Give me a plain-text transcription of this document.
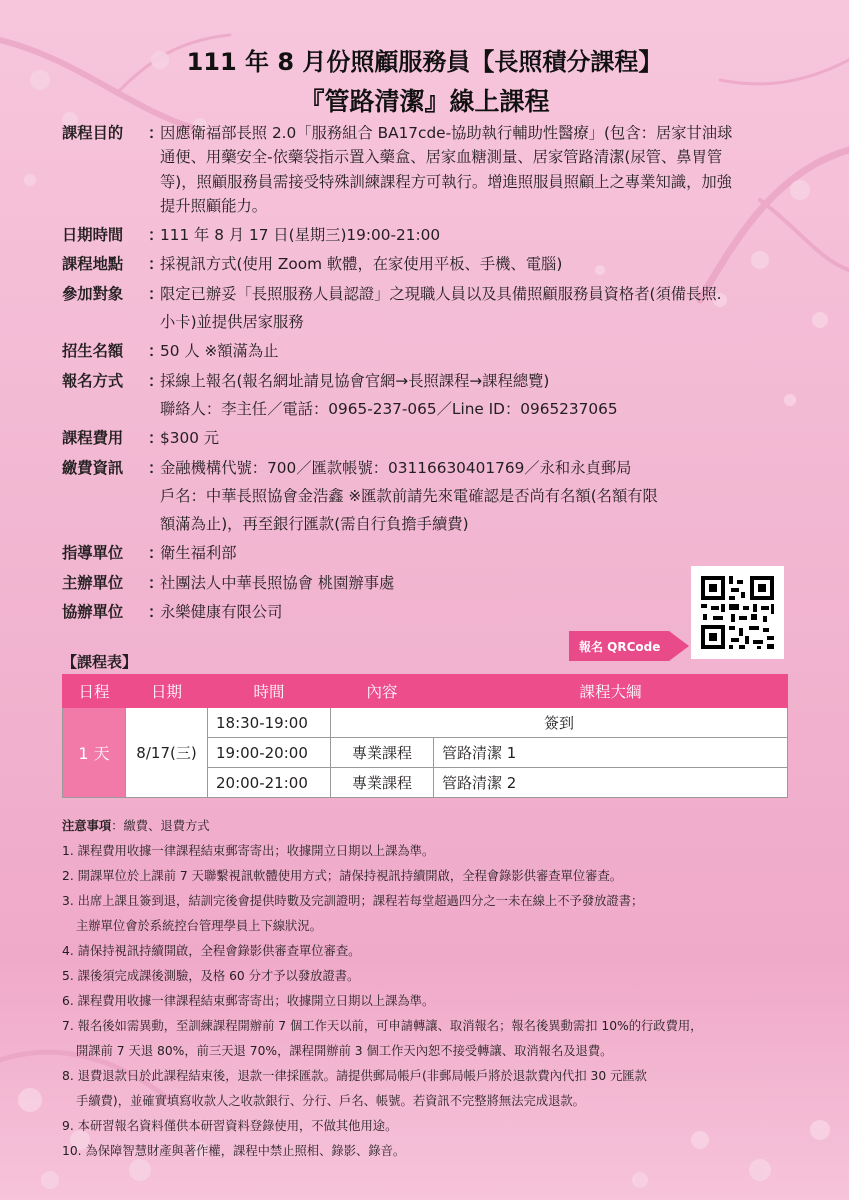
111 年 8 月份照顧服務員【長照積分課程】
『管路清潔』線上課程
課程目的	：

因應衛福部長照 2.0「服務組合 BA17cde-協助執行輔助性醫療」(包含：居家甘油球

通便、用藥安全-依藥袋指示置入藥盒、居家血糖測量、居家管路清潔(尿管、鼻胃管

等)，照顧服務員需接受特殊訓練課程方可執行。增進照服員照顧上之專業知識，加強

提升照顧能力。

日期時間	：
111 年 8 月 17 日(星期三)19:00-21:00
課程地點	：
採視訊方式(使用 Zoom 軟體，在家使用平板、手機、電腦)
參加對象	：

限定已辦妥「長照服務人員認證」之現職人員以及具備照顧服務員資格者(須備長照.

小卡)並提供居家服務

招生名額	：
50 人 ※額滿為止
報名方式	：

採線上報名(報名網址請見協會官網→長照課程→課程總覽)

聯絡人：李主任／電話：0965-237-065／Line ID：0965237065

課程費用	：
$300 元
繳費資訊	：

金融機構代號：700／匯款帳號：03116630401769／永和永貞郵局

戶名：中華長照協會金浩鑫 ※匯款前請先來電確認是否尚有名額(名額有限

額滿為止)，再至銀行匯款(需自行負擔手續費)

指導單位	：
衛生福利部
主辦單位	：
社團法人中華長照協會 桃園辦事處
協辦單位	：
永樂健康有限公司
報名 QRCode
【課程表】
日程	日期	時間	內容	課程大綱
1 天	8/17(三)	18:30-19:00	簽到	
		19:00-20:00	專業課程	管路清潔 1
		20:00-21:00	專業課程	管路清潔 2

注意事項：繳費、退費方式

1. 課程費用收據一律課程結束郵寄寄出；收據開立日期以上課為準。

2. 開課單位於上課前 7 天聯繫視訊軟體使用方式；請保持視訊持續開啟，全程會錄影供審查單位審查。

3. 出席上課且簽到退，結訓完後會提供時數及完訓證明；課程若每堂超過四分之一未在線上不予發放證書；

主辦單位會於系統控台管理學員上下線狀況。

4. 請保持視訊持續開啟，全程會錄影供審查單位審查。

5. 課後須完成課後測驗，及格 60 分才予以發放證書。

6. 課程費用收據一律課程結束郵寄寄出；收據開立日期以上課為準。

7. 報名後如需異動，至訓練課程開辦前 7 個工作天以前，可申請轉讓、取消報名；報名後異動需扣 10%的行政費用，

開課前 7 天退 80%，前三天退 70%，課程開辦前 3 個工作天內恕不接受轉讓、取消報名及退費。

8. 退費退款日於此課程結束後，退款一律採匯款。請提供郵局帳戶(非郵局帳戶將於退款費內代扣 30 元匯款

手續費)，並確實填寫收款人之收款銀行、分行、戶名、帳號。若資訊不完整將無法完成退款。

9. 本研習報名資料僅供本研習資料登錄使用，不做其他用途。

10. 為保障智慧財產與著作權，課程中禁止照相、錄影、錄音。
